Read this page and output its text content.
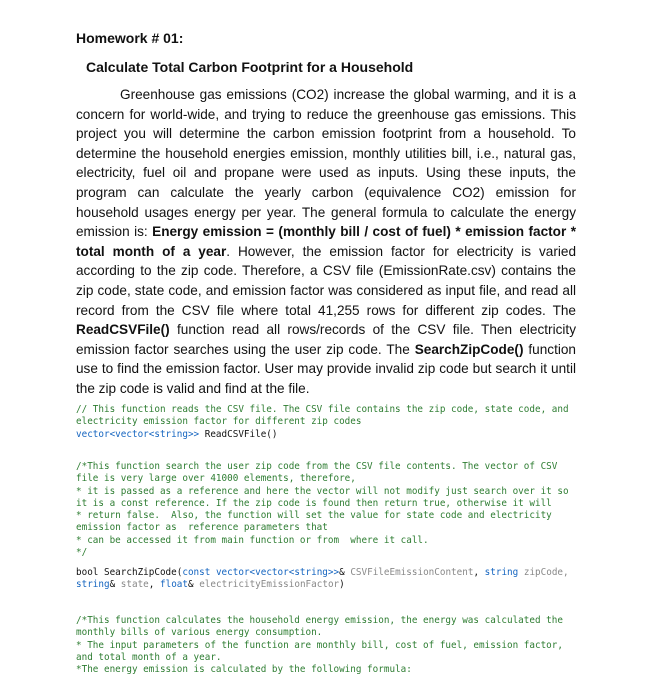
Homework # 01:
Calculate Total Carbon Footprint for a Household
Greenhouse gas emissions (CO2) increase the global warming, and it is a concern for world-wide, and trying to reduce the greenhouse gas emissions. This project you will determine the carbon emission footprint from a household. To determine the household energies emission, monthly utilities bill, i.e., natural gas, electricity, fuel oil and propane were used as inputs. Using these inputs, the program can calculate the yearly carbon (equivalence CO2) emission for household usages energy per year. The general formula to calculate the energy emission is: Energy emission = (monthly bill / cost of fuel) * emission factor * total month of a year. However, the emission factor for electricity is varied according to the zip code. Therefore, a CSV file (EmissionRate.csv) contains the zip code, state code, and emission factor was considered as input file, and read all record from the CSV file where total 41,255 rows for different zip codes. The ReadCSVFile() function read all rows/records of the CSV file. Then electricity emission factor searches using the user zip code. The SearchZipCode() function use to find the emission factor. User may provide invalid zip code but search it until the zip code is valid and find at the file.
// This function reads the CSV file. The CSV file contains the zip code, state code, and
electricity emission factor for different zip codes
vector<vector<string>> ReadCSVFile()
/*This function search the user zip code from the CSV file contents. The vector of CSV
file is very large over 41000 elements, therefore,
* it is passed as a reference and here the vector will not modify just search over it so
it is a const reference. If the zip code is found then return true, otherwise it will
* return false.  Also, the function will set the value for state code and electricity
emission factor as  reference parameters that
* can be accessed it from main function or from  where it call.
*/
bool SearchZipCode(const vector<vector<string>>& CSVFileEmissionContent, string zipCode,
string& state, float& electricityEmissionFactor)
/*This function calculates the household energy emission, the energy was calculated the
monthly bills of various energy consumption.
* The input parameters of the function are monthly bill, cost of fuel, emission factor,
and total month of a year.
*The energy emission is calculated by the following formula:
